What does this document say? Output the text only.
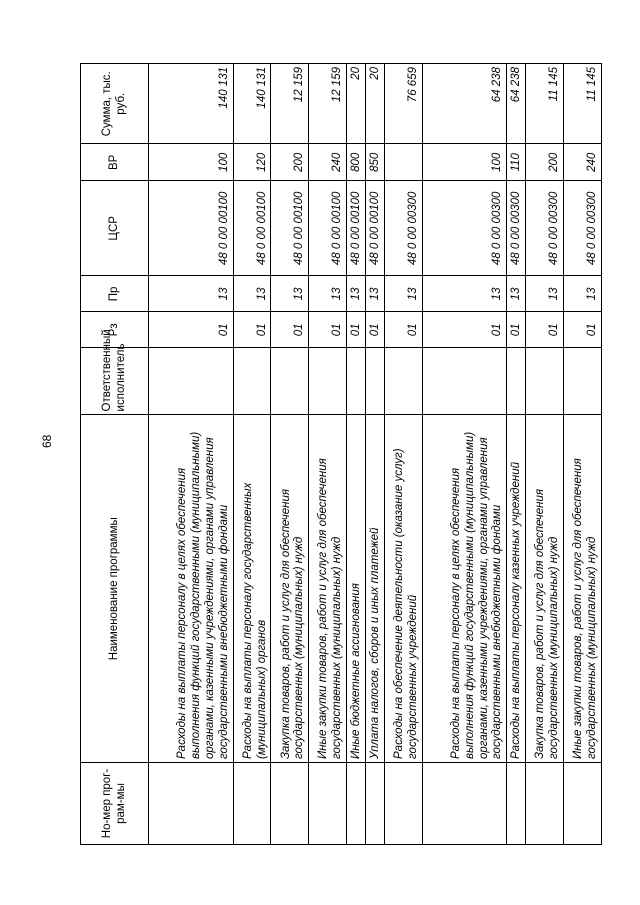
68
Но-мер прог-рам-мы	Наименование программы	Ответственный исполнитель	Рз	Пр	ЦСР	ВР	Сумма, тыс. руб.
	Расходы на выплаты персоналу в целях обеспечения выполнения функций государственными (муниципальными) органами, казенными учреждениями, органами управления государственными внебюджетными фондами		01	13	48 0 00 00100	100	140 131
	Расходы на выплаты персоналу государственных (муниципальных) органов		01	13	48 0 00 00100	120	140 131
	Закупка товаров, работ и услуг для обеспечения государственных (муниципальных) нужд		01	13	48 0 00 00100	200	12 159
	Иные закупки товаров, работ и услуг для обеспечения государственных (муниципальных) нужд		01	13	48 0 00 00100	240	12 159
	Иные бюджетные ассигнования		01	13	48 0 00 00100	800	20
	Уплата налогов, сборов и иных платежей		01	13	48 0 00 00100	850	20
	Расходы на обеспечение деятельности (оказание услуг) государственных учреждений		01	13	48 0 00 00300		76 659
	Расходы на выплаты персоналу в целях обеспечения выполнения функций государственными (муниципальными) органами, казенными учреждениями, органами управления государственными внебюджетными фондами		01	13	48 0 00 00300	100	64 238
	Расходы на выплаты персоналу казенных учреждений		01	13	48 0 00 00300	110	64 238
	Закупка товаров, работ и услуг для обеспечения государственных (муниципальных) нужд		01	13	48 0 00 00300	200	11 145
	Иные закупки товаров, работ и услуг для обеспечения государственных (муниципальных) нужд		01	13	48 0 00 00300	240	11 145
